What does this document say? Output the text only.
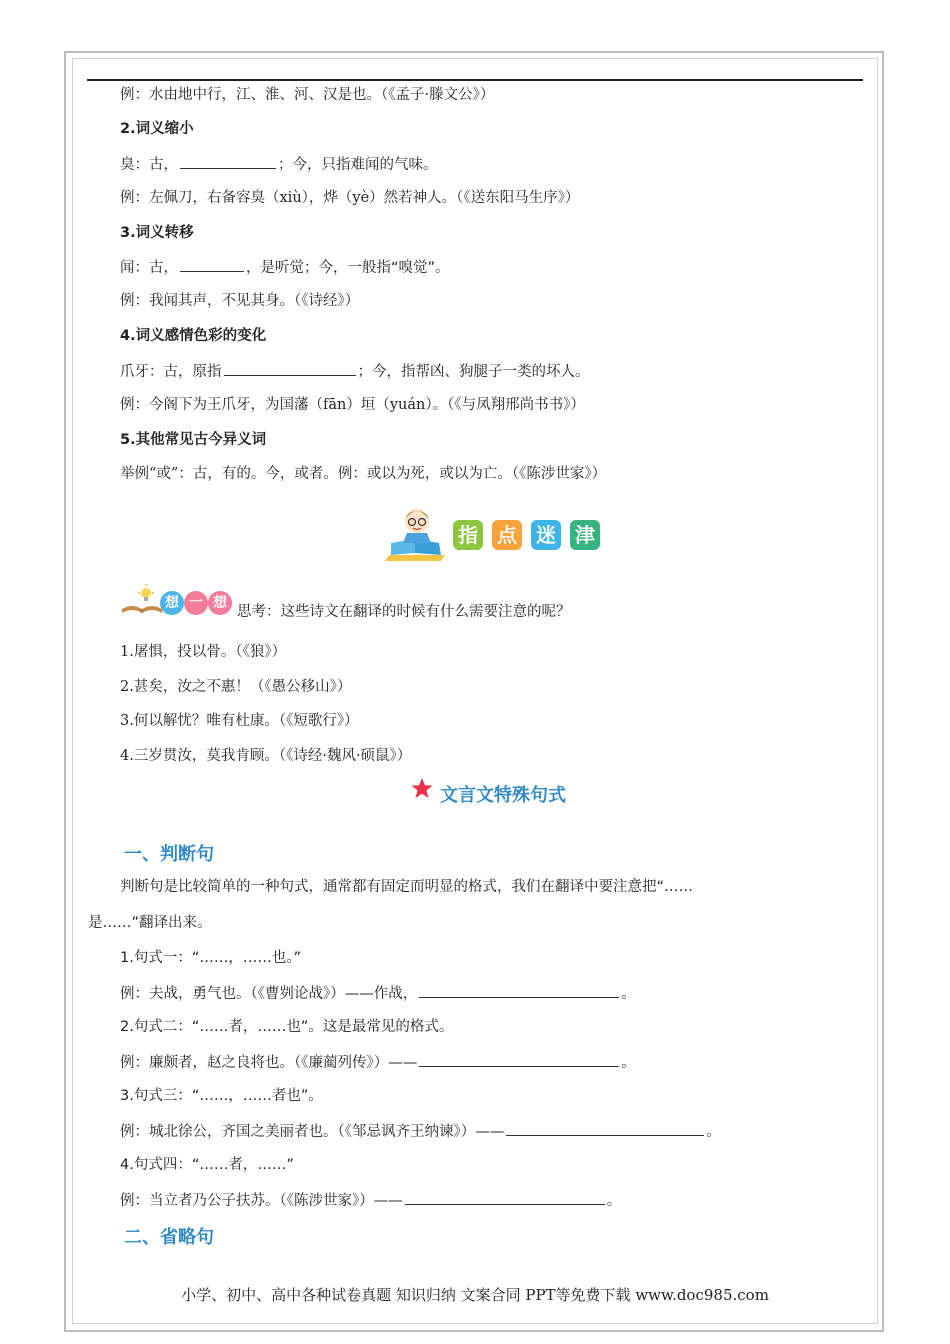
例：水由地中行，江、淮、河、汉是也。（《孟子·滕文公》）
2.词义缩小
臭：古，	；今，只指难闻的气味。
例：左佩刀，右备容臭（xiù），烨（yè）然若神人。（《送东阳马生序》）
3.词义转移
闻：古，	，是听觉；今，一般指“嗅觉”。
例：我闻其声，不见其身。（《诗经》）
4.词义感情色彩的变化
爪牙：古，原指	；今，指帮凶、狗腿子一类的坏人。
例：今阁下为王爪牙，为国藩（fān）垣（yuán）。（《与凤翔邢尚书书》）
5.其他常见古今异义词
举例“或”：古，有的。今，或者。例：或以为死，或以为亡。（《陈涉世家》）
指 点 迷 津
想 一 想
思考：这些诗文在翻译的时候有什么需要注意的呢？
1.屠惧，投以骨。（《狼》）
2.甚矣，汝之不惠！（《愚公移山》）
3.何以解忧？唯有杜康。（《短歌行》）
4.三岁贯汝，莫我肯顾。（《诗经·魏风·硕鼠》）
文言文特殊句式
一、判断句
判断句是比较简单的一种句式，通常都有固定而明显的格式，我们在翻译中要注意把“……
是……”翻译出来。
1.句式一：“……，……也。”
例：夫战，勇气也。（《曹刿论战》）——作战，	。
2.句式二：“……者，……也”。这是最常见的格式。
例：廉颇者，赵之良将也。（《廉蔺列传》）——	。
3.句式三：“……，……者也”。
例：城北徐公，齐国之美丽者也。（《邹忌讽齐王纳谏》）——	。
4.句式四：“……者，……”
例：当立者乃公子扶苏。（《陈涉世家》）——	。
二、省略句
小学、初中、高中各种试卷真题 知识归纳 文案合同 PPT等免费下载 www.doc985.com
